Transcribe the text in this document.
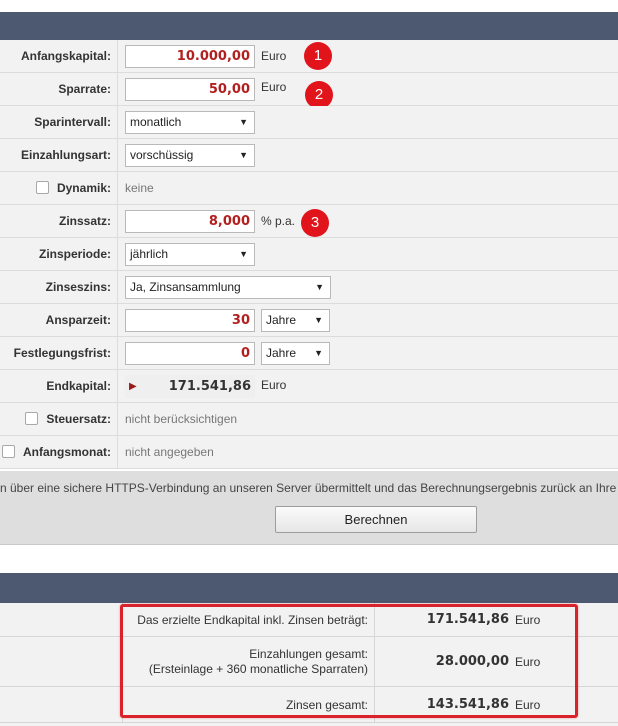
Anfangskapital:	10.000,00 Euro	1
Sparrate:	50,00 Euro	2
Sparintervall:	monatlich	▼
Einzahlungsart:	vorschüssig	▼
Dynamik:	keine
Zinssatz:	8,000 % p.a.	3
Zinsperiode:	jährlich	▼
Zinseszins:	Ja, Zinsansammlung	▼
Ansparzeit:	30	Jahre ▼
Festlegungsfrist:	0	Jahre ▼
Endkapital:	▶ 171.541,86 Euro
Steuersatz:	nicht berücksichtigen
Anfangsmonat:	nicht angegeben
n über eine sichere HTTPS-Verbindung an unseren Server übermittelt und das Berechnungsergebnis zurück an Ihre
Berechnen
Das erzielte Endkapital inkl. Zinsen beträgt:	171.541,86 Euro
Einzahlungen gesamt:
(Ersteinlage + 360 monatliche Sparraten)	28.000,00 Euro
Zinsen gesamt:	143.541,86 Euro
